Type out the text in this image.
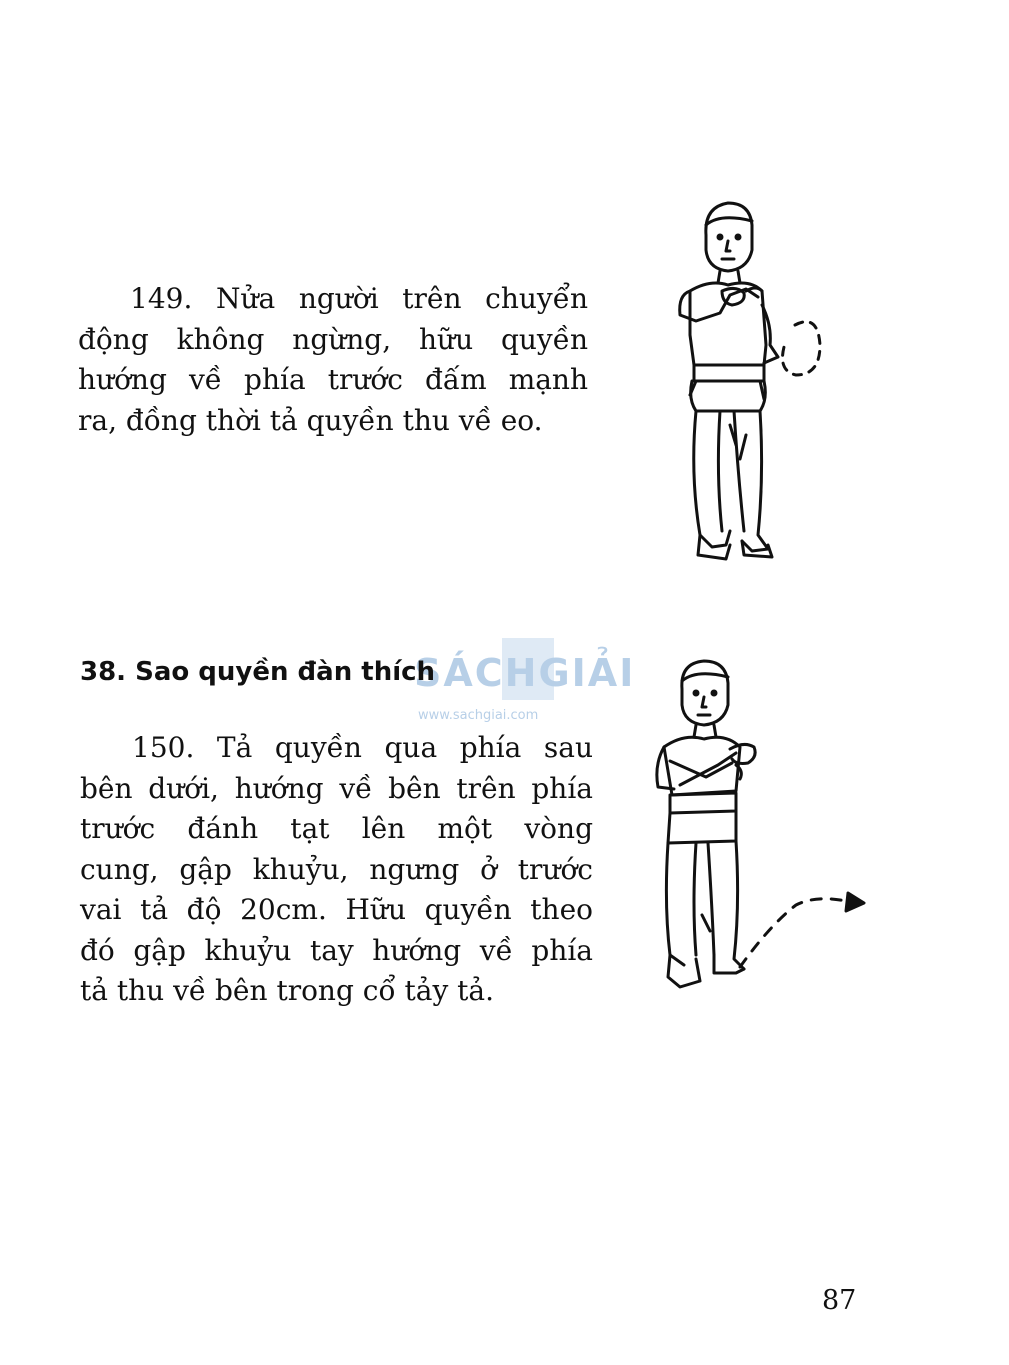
149. Nửa người trên chuyển
động không ngừng, hữu quyền
hướng về phía trước đấm mạnh
ra, đồng thời tả quyền thu về eo.
SÁCHGIẢI
www.sachgiai.com
38. Sao quyền đàn thích
150. Tả quyền qua phía sau
bên dưới, hướng về bên trên phía
trước đánh tạt lên một vòng
cung, gập khuỷu, ngưng ở trước
vai tả độ 20cm. Hữu quyền theo
đó gập khuỷu tay hướng về phía
tả thu về bên trong cổ tảy tả.
87
